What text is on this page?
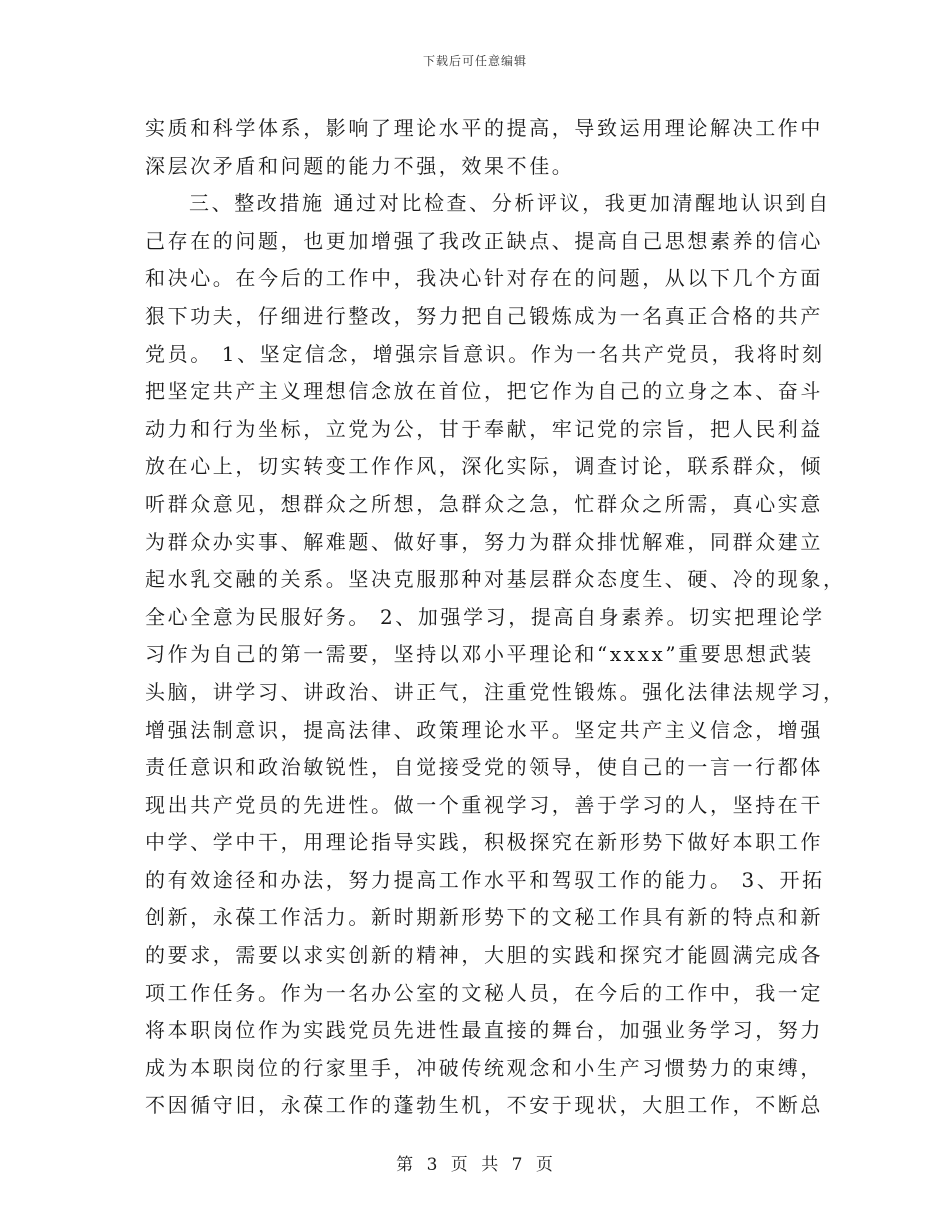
下载后可任意编辑
实质和科学体系，影响了理论水平的提高，导致运用理论解决工作中
深层次矛盾和问题的能力不强，效果不佳。
三、整改措施 通过对比检查、分析评议，我更加清醒地认识到自
己存在的问题，也更加增强了我改正缺点、提高自己思想素养的信心
和决心。在今后的工作中，我决心针对存在的问题，从以下几个方面
狠下功夫，仔细进行整改，努力把自己锻炼成为一名真正合格的共产
党员。 1、坚定信念，增强宗旨意识。作为一名共产党员，我将时刻
把坚定共产主义理想信念放在首位，把它作为自己的立身之本、奋斗
动力和行为坐标，立党为公，甘于奉献，牢记党的宗旨，把人民利益
放在心上，切实转变工作作风，深化实际，调查讨论，联系群众，倾
听群众意见，想群众之所想，急群众之急，忙群众之所需，真心实意
为群众办实事、解难题、做好事，努力为群众排忧解难，同群众建立
起水乳交融的关系。坚决克服那种对基层群众态度生、硬、冷的现象，
全心全意为民服好务。 2、加强学习，提高自身素养。切实把理论学
习作为自己的第一需要，坚持以邓小平理论和“xxxx”重要思想武装
头脑，讲学习、讲政治、讲正气，注重党性锻炼。强化法律法规学习，
增强法制意识，提高法律、政策理论水平。坚定共产主义信念，增强
责任意识和政治敏锐性，自觉接受党的领导，使自己的一言一行都体
现出共产党员的先进性。做一个重视学习，善于学习的人，坚持在干
中学、学中干，用理论指导实践，积极探究在新形势下做好本职工作
的有效途径和办法，努力提高工作水平和驾驭工作的能力。 3、开拓
创新，永葆工作活力。新时期新形势下的文秘工作具有新的特点和新
的要求，需要以求实创新的精神，大胆的实践和探究才能圆满完成各
项工作任务。作为一名办公室的文秘人员，在今后的工作中，我一定
将本职岗位作为实践党员先进性最直接的舞台，加强业务学习，努力
成为本职岗位的行家里手，冲破传统观念和小生产习惯势力的束缚，
不因循守旧，永葆工作的蓬勃生机，不安于现状，大胆工作，不断总
第 3 页 共 7 页
